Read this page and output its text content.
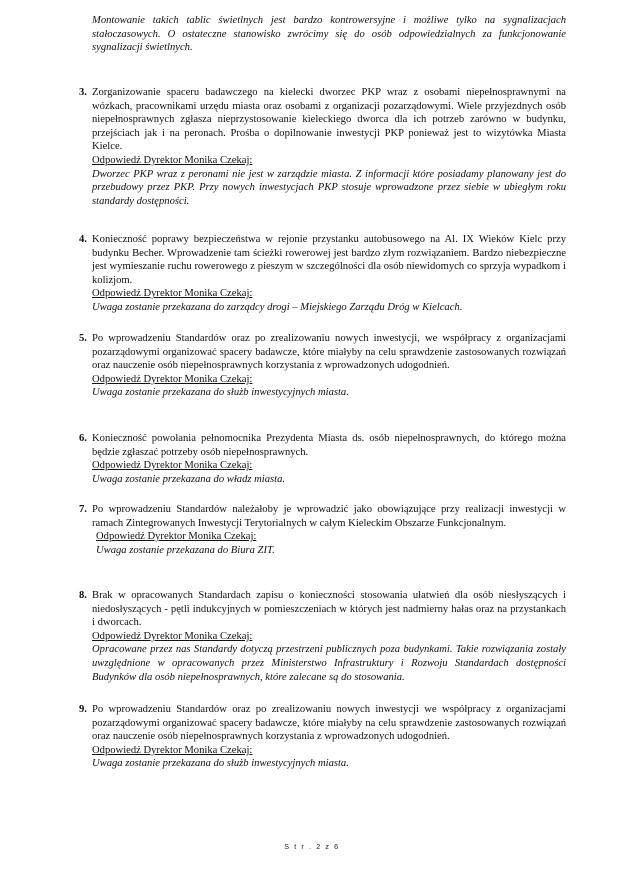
Montowanie takich tablic świetlnych jest bardzo kontrowersyjne i możliwe tylko na sygnalizacjach stałoczasowych. O ostateczne stanowisko zwrócimy się do osób odpowiedzialnych za funkcjonowanie sygnalizacji świetlnych.

3. Zorganizowanie spaceru badawczego na kielecki dworzec PKP wraz z osobami niepełnosprawnymi na wózkach, pracownikami urzędu miasta oraz osobami z organizacji pozarządowymi. Wiele przyjezdnych osób niepełnosprawnych zgłasza nieprzystosowanie kieleckiego dworca dla ich potrzeb zarówno w budynku, przejściach jak i na peronach. Prośba o dopilnowanie inwestycji PKP ponieważ jest to wizytówka Miasta Kielce.

Odpowiedź Dyrektor Monika Czekaj:

Dworzec PKP wraz z peronami nie jest w zarządzie miasta. Z informacji które posiadamy planowany jest do przebudowy przez PKP. Przy nowych inwestycjach PKP stosuje wprowadzone przez siebie w ubiegłym roku standardy dostępności.

4. Konieczność poprawy bezpieczeństwa w rejonie przystanku autobusowego na Al. IX Wieków Kielc przy budynku Becher. Wprowadzenie tam ścieżki rowerowej jest bardzo złym rozwiązaniem. Bardzo niebezpieczne jest wymieszanie ruchu rowerowego z pieszym w szczególności dla osób niewidomych co sprzyja wypadkom i kolizjom.

Odpowiedź Dyrektor Monika Czekaj:

Uwaga zostanie przekazana do zarządcy drogi – Miejskiego Zarządu Dróg w Kielcach.

5. Po wprowadzeniu Standardów oraz po zrealizowaniu nowych inwestycji, we współpracy z organizacjami pozarządowymi organizować spacery badawcze, które miałyby na celu sprawdzenie zastosowanych rozwiązań oraz nauczenie osób niepełnosprawnych korzystania z wprowadzonych udogodnień.

Odpowiedź Dyrektor Monika Czekaj:

Uwaga zostanie przekazana do służb inwestycyjnych miasta.

6. Konieczność powołania pełnomocnika Prezydenta Miasta ds. osób niepełnosprawnych, do którego można będzie zgłaszać potrzeby osób niepełnosprawnych.

Odpowiedź Dyrektor Monika Czekaj:

Uwaga zostanie przekazana do władz miasta.

7. Po wprowadzeniu Standardów należałoby je wprowadzić jako obowiązujące przy realizacji inwestycji w ramach Zintegrowanych Inwestycji Terytorialnych w całym Kieleckim Obszarze Funkcjonalnym.

Odpowiedź Dyrektor Monika Czekaj:

Uwaga zostanie przekazana do Biura ZIT.

8. Brak w opracowanych Standardach zapisu o konieczności stosowania ułatwień dla osób niesłyszących i niedosłyszących - pętli indukcyjnych w pomieszczeniach w których jest nadmierny hałas oraz na przystankach i dworcach.

Odpowiedź Dyrektor Monika Czekaj:

Opracowane przez nas Standardy dotyczą przestrzeni publicznych poza budynkami. Takie rozwiązania zostały uwzględnione w opracowanych przez Ministerstwo Infrastruktury i Rozwoju Standardach dostępności Budynków dla osób niepełnosprawnych, które zalecane są do stosowania.

9. Po wprowadzeniu Standardów oraz po zrealizowaniu nowych inwestycji we współpracy z organizacjami pozarządowymi organizować spacery badawcze, które miałyby na celu sprawdzenie zastosowanych rozwiązań oraz nauczenie osób niepełnosprawnych korzystania z wprowadzonych udogodnień.

Odpowiedź Dyrektor Monika Czekaj:

Uwaga zostanie przekazana do służb inwestycyjnych miasta.

S t r . 2 z 6
